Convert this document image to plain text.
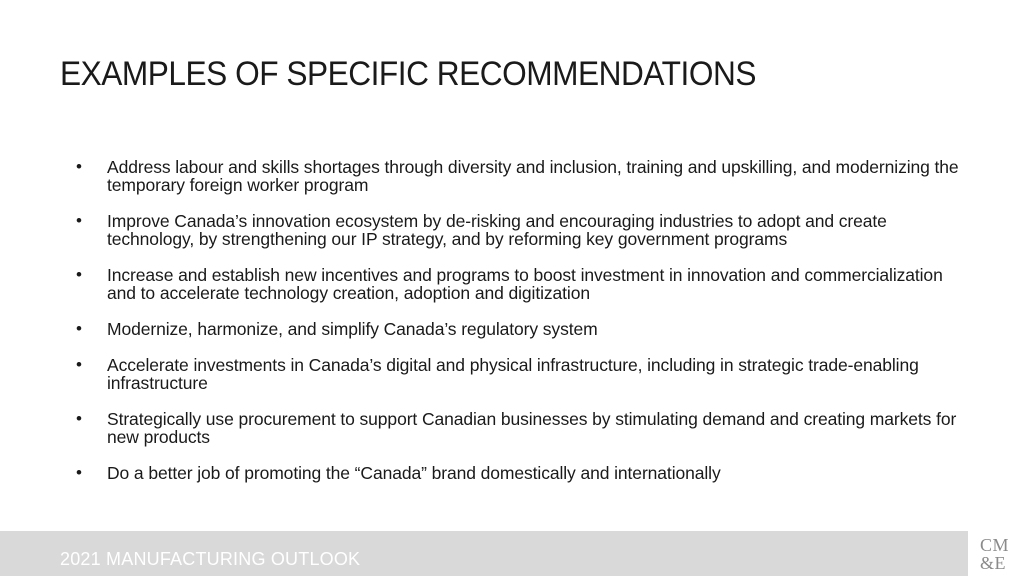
EXAMPLES OF SPECIFIC RECOMMENDATIONS
•	Address labour and skills shortages through diversity and inclusion, training and upskilling, and modernizing the temporary foreign worker program
•	Improve Canada’s innovation ecosystem by de-risking and encouraging industries to adopt and create technology, by strengthening our IP strategy, and by reforming key government programs
•	Increase and establish new incentives and programs to boost investment in innovation and commercialization and to accelerate technology creation, adoption and digitization
•	Modernize, harmonize, and simplify Canada’s regulatory system
•	Accelerate investments in Canada’s digital and physical infrastructure, including in strategic trade-enabling infrastructure
•	Strategically use procurement to support Canadian businesses by stimulating demand and creating markets for new products
•	Do a better job of promoting the “Canada” brand domestically and internationally
2021 MANUFACTURING OUTLOOK
CM
&E
